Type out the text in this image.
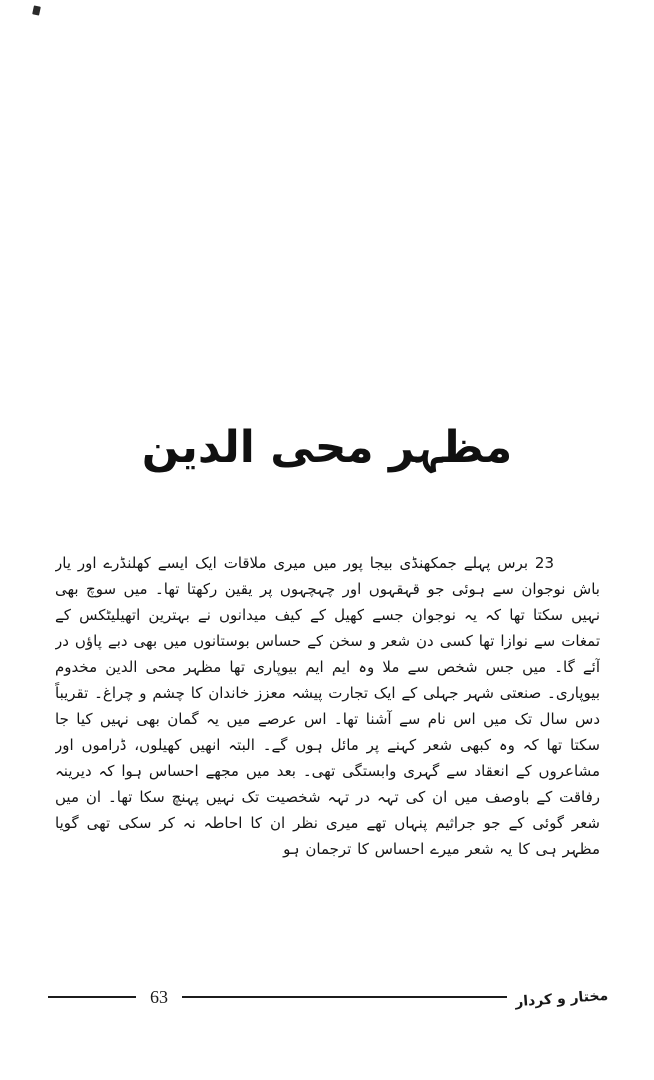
مظہر محی الدین

23 برس پہلے جمکھنڈی بیجا پور میں میری ملاقات ایک ایسے کھلنڈرے اور یار باش نوجوان سے ہوئی جو قہقہوں اور چہچہوں پر یقین رکھتا تھا۔ میں سوچ بھی نہیں سکتا تھا کہ یہ نوجوان جسے کھیل کے کیف میدانوں نے بہترین اتھیلیٹکس کے تمغات سے نوازا تھا کسی دن شعر و سخن کے حساس بوستانوں میں بھی دبے پاؤں در آئے گا۔ میں جس شخص سے ملا وہ ایم ایم بیوپاری تھا مظہر محی الدین مخدوم بیوپاری۔ صنعتی شہر جہلی کے ایک تجارت پیشہ معزز خاندان کا چشم و چراغ۔ تقریباً دس سال تک میں اس نام سے آشنا تھا۔ اس عرصے میں یہ گمان بھی نہیں کیا جا سکتا تھا کہ وہ کبھی شعر کہنے پر مائل ہوں گے۔ البتہ انھیں کھیلوں، ڈراموں اور مشاعروں کے انعقاد سے گہری وابستگی تھی۔ بعد میں مجھے احساس ہوا کہ دیرینہ رفاقت کے باوصف میں ان کی تہہ در تہہ شخصیت تک نہیں پہنچ سکا تھا۔ ان میں شعر گوئی کے جو جراثیم پنہاں تھے میری نظر ان کا احاطہ نہ کر سکی تھی گویا مظہر ہی کا یہ شعر میرے احساس کا ترجمان ہو

63	مختار و کردار
